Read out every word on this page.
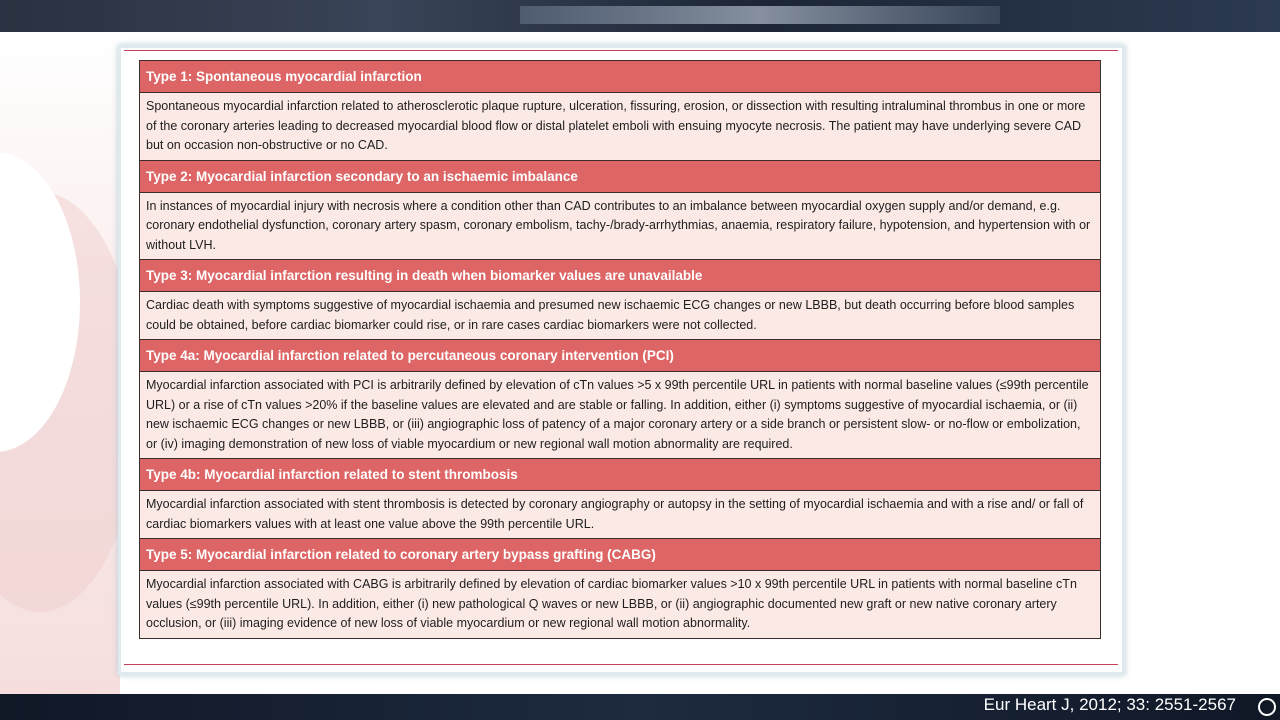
Type 1: Spontaneous myocardial infarction

Spontaneous myocardial infarction related to atherosclerotic plaque rupture, ulceration, fissuring, erosion, or dissection with resulting intraluminal thrombus in one or more of the coronary arteries leading to decreased myocardial blood flow or distal platelet emboli with ensuing myocyte necrosis. The patient may have underlying severe CAD but on occasion non-obstructive or no CAD.

Type 2: Myocardial infarction secondary to an ischaemic imbalance

In instances of myocardial injury with necrosis where a condition other than CAD contributes to an imbalance between myocardial oxygen supply and/or demand, e.g. coronary endothelial dysfunction, coronary artery spasm, coronary embolism, tachy-/brady-arrhythmias, anaemia, respiratory failure, hypotension, and hypertension with or without LVH.

Type 3: Myocardial infarction resulting in death when biomarker values are unavailable

Cardiac death with symptoms suggestive of myocardial ischaemia and presumed new ischaemic ECG changes or new LBBB, but death occurring before blood samples could be obtained, before cardiac biomarker could rise, or in rare cases cardiac biomarkers were not collected.

Type 4a: Myocardial infarction related to percutaneous coronary intervention (PCI)

Myocardial infarction associated with PCI is arbitrarily defined by elevation of cTn values >5 x 99th percentile URL in patients with normal baseline values (≤99th percentile URL) or a rise of cTn values >20% if the baseline values are elevated and are stable or falling. In addition, either (i) symptoms suggestive of myocardial ischaemia, or (ii) new ischaemic ECG changes or new LBBB, or (iii) angiographic loss of patency of a major coronary artery or a side branch or persistent slow- or no-flow or embolization, or (iv) imaging demonstration of new loss of viable myocardium or new regional wall motion abnormality are required.

Type 4b: Myocardial infarction related to stent thrombosis

Myocardial infarction associated with stent thrombosis is detected by coronary angiography or autopsy in the setting of myocardial ischaemia and with a rise and/ or fall of cardiac biomarkers values with at least one value above the 99th percentile URL.

Type 5: Myocardial infarction related to coronary artery bypass grafting (CABG)

Myocardial infarction associated with CABG is arbitrarily defined by elevation of cardiac biomarker values >10 x 99th percentile URL in patients with normal baseline cTn values (≤99th percentile URL). In addition, either (i) new pathological Q waves or new LBBB, or (ii) angiographic documented new graft or new native coronary artery occlusion, or (iii) imaging evidence of new loss of viable myocardium or new regional wall motion abnormality.

Eur Heart J, 2012; 33: 2551-2567
